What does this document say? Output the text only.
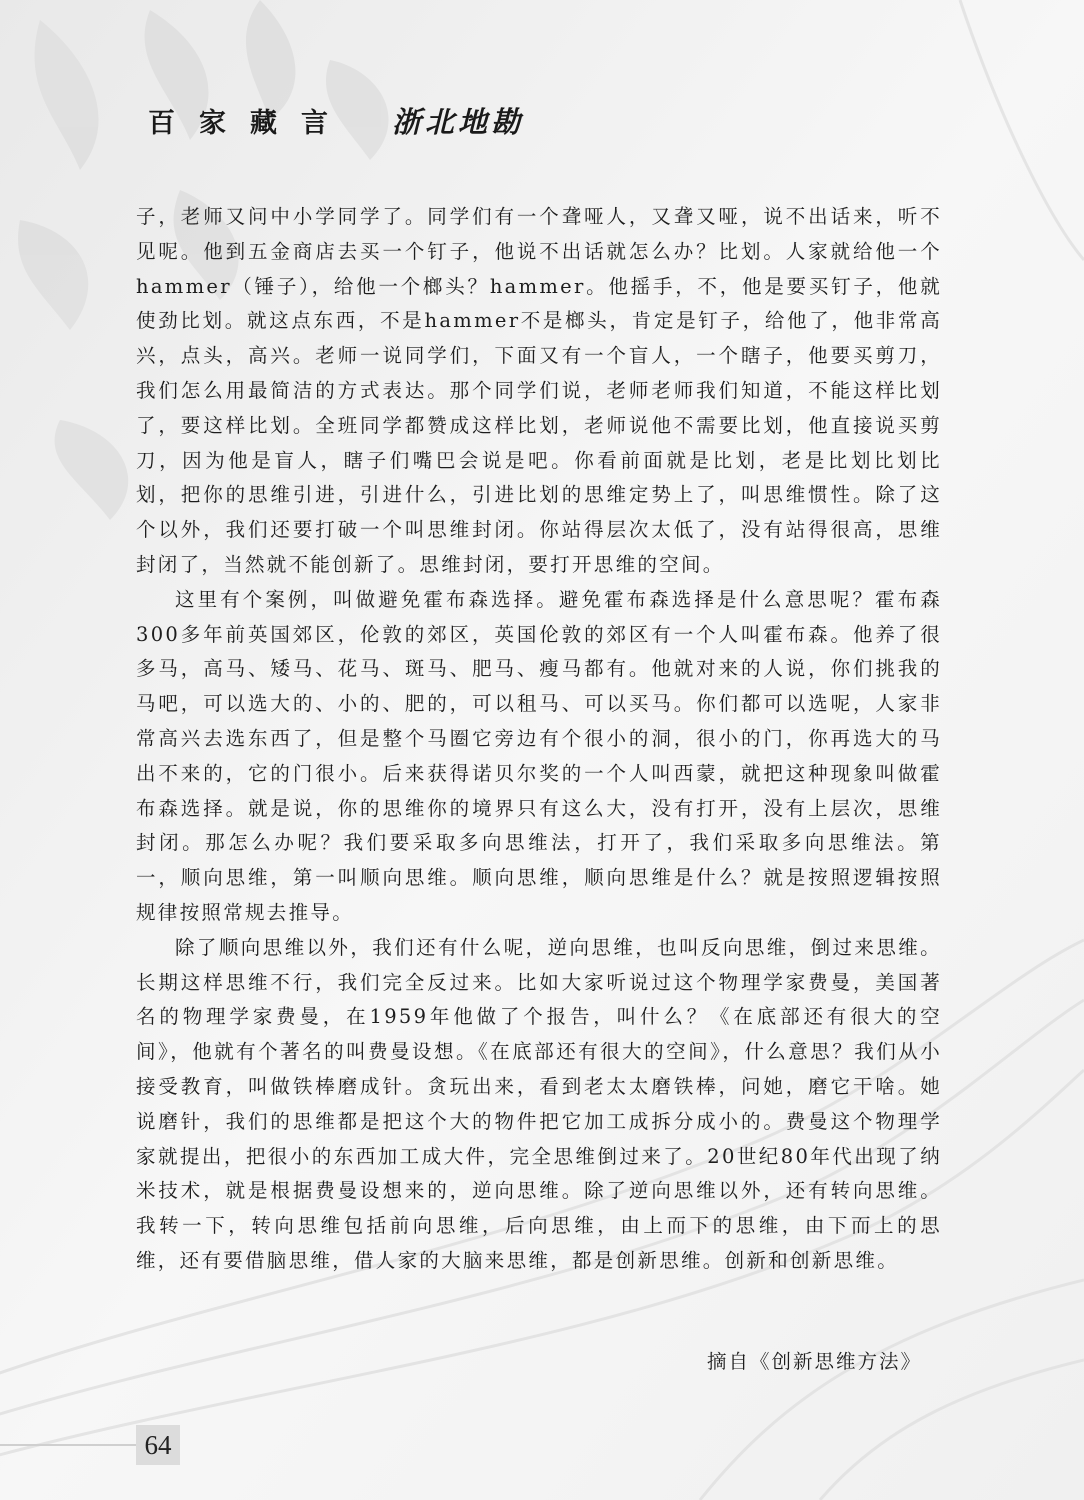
百 家 藏 言	浙北地勘

子，老师又问中小学同学了。同学们有一个聋哑人，又聋又哑，说不出话来，听不见呢。他到五金商店去买一个钉子，他说不出话就怎么办？比划。人家就给他一个hammer（锤子），给他一个榔头？hammer。他摇手，不，他是要买钉子，他就使劲比划。就这点东西，不是hammer不是榔头，肯定是钉子，给他了，他非常高兴，点头，高兴。老师一说同学们，下面又有一个盲人，一个瞎子，他要买剪刀，我们怎么用最简洁的方式表达。那个同学们说，老师老师我们知道，不能这样比划了，要这样比划。全班同学都赞成这样比划，老师说他不需要比划，他直接说买剪刀，因为他是盲人，瞎子们嘴巴会说是吧。你看前面就是比划，老是比划比划比划，把你的思维引进，引进什么，引进比划的思维定势上了，叫思维惯性。除了这个以外，我们还要打破一个叫思维封闭。你站得层次太低了，没有站得很高，思维封闭了，当然就不能创新了。思维封闭，要打开思维的空间。

这里有个案例，叫做避免霍布森选择。避免霍布森选择是什么意思呢？霍布森300多年前英国郊区，伦敦的郊区，英国伦敦的郊区有一个人叫霍布森。他养了很多马，高马、矮马、花马、斑马、肥马、瘦马都有。他就对来的人说，你们挑我的马吧，可以选大的、小的、肥的，可以租马、可以买马。你们都可以选呢，人家非常高兴去选东西了，但是整个马圈它旁边有个很小的洞，很小的门，你再选大的马出不来的，它的门很小。后来获得诺贝尔奖的一个人叫西蒙，就把这种现象叫做霍布森选择。就是说，你的思维你的境界只有这么大，没有打开，没有上层次，思维封闭。那怎么办呢？我们要采取多向思维法，打开了，我们采取多向思维法。第一，顺向思维，第一叫顺向思维。顺向思维，顺向思维是什么？就是按照逻辑按照规律按照常规去推导。

除了顺向思维以外，我们还有什么呢，逆向思维，也叫反向思维，倒过来思维。长期这样思维不行，我们完全反过来。比如大家听说过这个物理学家费曼，美国著名的物理学家费曼，在1959年他做了个报告，叫什么？《在底部还有很大的空间》，他就有个著名的叫费曼设想。《在底部还有很大的空间》，什么意思？我们从小接受教育，叫做铁棒磨成针。贪玩出来，看到老太太磨铁棒，问她，磨它干啥。她说磨针，我们的思维都是把这个大的物件把它加工成拆分成小的。费曼这个物理学家就提出，把很小的东西加工成大件，完全思维倒过来了。20世纪80年代出现了纳米技术，就是根据费曼设想来的，逆向思维。除了逆向思维以外，还有转向思维。我转一下，转向思维包括前向思维，后向思维，由上而下的思维，由下而上的思维，还有要借脑思维，借人家的大脑来思维，都是创新思维。创新和创新思维。

摘自《创新思维方法》
64
